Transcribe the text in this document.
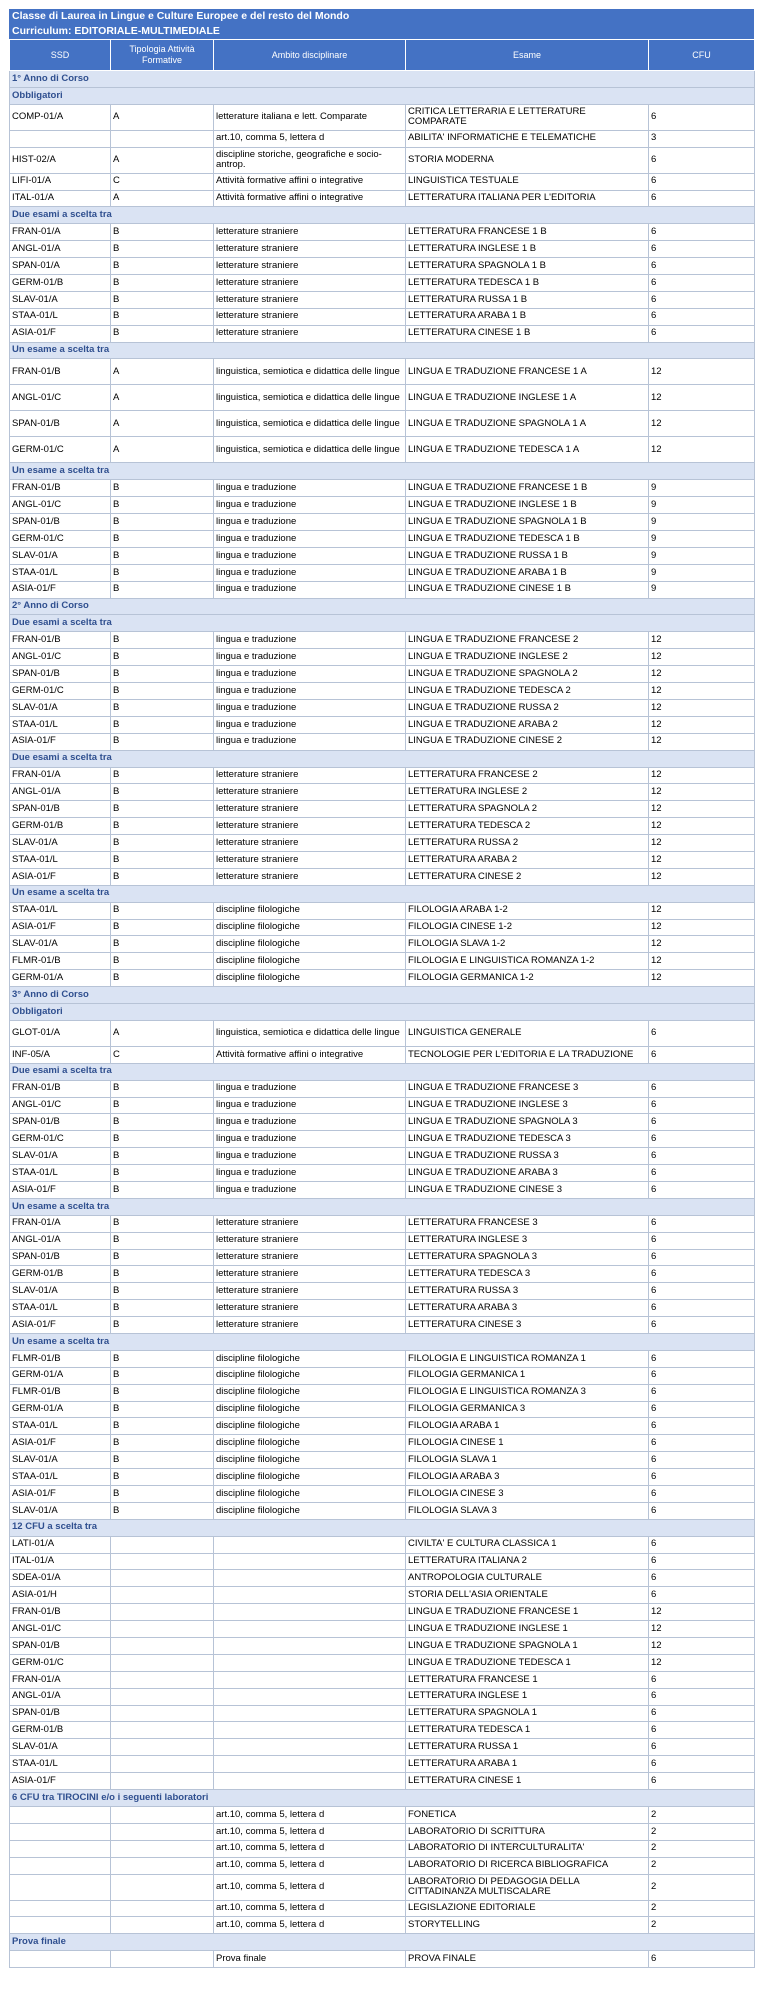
Classe di Laurea in Lingue e Culture Europee e del resto del Mondo
Curriculum: EDITORIALE-MULTIMEDIALE
SSD	Tipologia Attività Formative	Ambito disciplinare	Esame	CFU
1° Anno di Corso				
Obbligatori				
COMP-01/A	A	letterature italiana e lett. Comparate	CRITICA LETTERARIA E LETTERATURE COMPARATE	6
		art.10, comma 5, lettera d	ABILITA' INFORMATICHE E TELEMATICHE	3
HIST-02/A	A	discipline storiche, geografiche e socio-antrop.	STORIA MODERNA	6
LIFI-01/A	C	Attività formative affini o integrative	LINGUISTICA TESTUALE	6
ITAL-01/A	A	Attività formative affini o integrative	LETTERATURA ITALIANA PER L'EDITORIA	6
Due esami a scelta tra				
FRAN-01/A	B	letterature straniere	LETTERATURA FRANCESE 1 B	6
ANGL-01/A	B	letterature straniere	LETTERATURA INGLESE 1 B	6
SPAN-01/A	B	letterature straniere	LETTERATURA SPAGNOLA 1 B	6
GERM-01/B	B	letterature straniere	LETTERATURA TEDESCA 1 B	6
SLAV-01/A	B	letterature straniere	LETTERATURA RUSSA 1 B	6
STAA-01/L	B	letterature straniere	LETTERATURA ARABA 1 B	6
ASIA-01/F	B	letterature straniere	LETTERATURA CINESE 1 B	6
Un esame a scelta tra				
FRAN-01/B	A	linguistica, semiotica e didattica delle lingue	LINGUA E TRADUZIONE FRANCESE 1 A	12
ANGL-01/C	A	linguistica, semiotica e didattica delle lingue	LINGUA E TRADUZIONE INGLESE 1 A	12
SPAN-01/B	A	linguistica, semiotica e didattica delle lingue	LINGUA E TRADUZIONE SPAGNOLA 1 A	12
GERM-01/C	A	linguistica, semiotica e didattica delle lingue	LINGUA E TRADUZIONE TEDESCA 1 A	12
Un esame a scelta tra				
FRAN-01/B	B	lingua e traduzione	LINGUA E TRADUZIONE FRANCESE 1 B	9
ANGL-01/C	B	lingua e traduzione	LINGUA E TRADUZIONE INGLESE 1 B	9
SPAN-01/B	B	lingua e traduzione	LINGUA E TRADUZIONE SPAGNOLA 1 B	9
GERM-01/C	B	lingua e traduzione	LINGUA E TRADUZIONE TEDESCA 1 B	9
SLAV-01/A	B	lingua e traduzione	LINGUA E TRADUZIONE RUSSA 1 B	9
STAA-01/L	B	lingua e traduzione	LINGUA E TRADUZIONE ARABA 1 B	9
ASIA-01/F	B	lingua e traduzione	LINGUA E TRADUZIONE CINESE 1 B	9
2° Anno di Corso				
Due esami a scelta tra				
FRAN-01/B	B	lingua e traduzione	LINGUA E TRADUZIONE FRANCESE 2	12
ANGL-01/C	B	lingua e traduzione	LINGUA E TRADUZIONE INGLESE 2	12
SPAN-01/B	B	lingua e traduzione	LINGUA E TRADUZIONE SPAGNOLA 2	12
GERM-01/C	B	lingua e traduzione	LINGUA E TRADUZIONE TEDESCA 2	12
SLAV-01/A	B	lingua e traduzione	LINGUA E TRADUZIONE RUSSA 2	12
STAA-01/L	B	lingua e traduzione	LINGUA E TRADUZIONE ARABA 2	12
ASIA-01/F	B	lingua e traduzione	LINGUA E TRADUZIONE CINESE 2	12
Due esami a scelta tra				
FRAN-01/A	B	letterature straniere	LETTERATURA FRANCESE 2	12
ANGL-01/A	B	letterature straniere	LETTERATURA INGLESE 2	12
SPAN-01/B	B	letterature straniere	LETTERATURA SPAGNOLA 2	12
GERM-01/B	B	letterature straniere	LETTERATURA TEDESCA 2	12
SLAV-01/A	B	letterature straniere	LETTERATURA RUSSA 2	12
STAA-01/L	B	letterature straniere	LETTERATURA ARABA 2	12
ASIA-01/F	B	letterature straniere	LETTERATURA CINESE 2	12
Un esame a scelta tra				
STAA-01/L	B	discipline filologiche	FILOLOGIA ARABA 1-2	12
ASIA-01/F	B	discipline filologiche	FILOLOGIA CINESE 1-2	12
SLAV-01/A	B	discipline filologiche	FILOLOGIA SLAVA 1-2	12
FLMR-01/B	B	discipline filologiche	FILOLOGIA E LINGUISTICA ROMANZA 1-2	12
GERM-01/A	B	discipline filologiche	FILOLOGIA GERMANICA 1-2	12
3° Anno di Corso				
Obbligatori				
GLOT-01/A	A	linguistica, semiotica e didattica delle lingue	LINGUISTICA GENERALE	6
INF-05/A	C	Attività formative affini o integrative	TECNOLOGIE PER L'EDITORIA E LA TRADUZIONE	6
Due esami a scelta tra				
FRAN-01/B	B	lingua e traduzione	LINGUA E TRADUZIONE FRANCESE 3	6
ANGL-01/C	B	lingua e traduzione	LINGUA E TRADUZIONE INGLESE 3	6
SPAN-01/B	B	lingua e traduzione	LINGUA E TRADUZIONE SPAGNOLA 3	6
GERM-01/C	B	lingua e traduzione	LINGUA E TRADUZIONE TEDESCA 3	6
SLAV-01/A	B	lingua e traduzione	LINGUA E TRADUZIONE RUSSA 3	6
STAA-01/L	B	lingua e traduzione	LINGUA E TRADUZIONE ARABA 3	6
ASIA-01/F	B	lingua e traduzione	LINGUA E TRADUZIONE CINESE 3	6
Un esame a scelta tra				
FRAN-01/A	B	letterature straniere	LETTERATURA FRANCESE 3	6
ANGL-01/A	B	letterature straniere	LETTERATURA INGLESE 3	6
SPAN-01/B	B	letterature straniere	LETTERATURA SPAGNOLA 3	6
GERM-01/B	B	letterature straniere	LETTERATURA TEDESCA 3	6
SLAV-01/A	B	letterature straniere	LETTERATURA RUSSA 3	6
STAA-01/L	B	letterature straniere	LETTERATURA ARABA 3	6
ASIA-01/F	B	letterature straniere	LETTERATURA CINESE 3	6
Un esame a scelta tra				
FLMR-01/B	B	discipline filologiche	FILOLOGIA E LINGUISTICA ROMANZA 1	6
GERM-01/A	B	discipline filologiche	FILOLOGIA GERMANICA 1	6
FLMR-01/B	B	discipline filologiche	FILOLOGIA E LINGUISTICA ROMANZA 3	6
GERM-01/A	B	discipline filologiche	FILOLOGIA GERMANICA 3	6
STAA-01/L	B	discipline filologiche	FILOLOGIA ARABA 1	6
ASIA-01/F	B	discipline filologiche	FILOLOGIA CINESE 1	6
SLAV-01/A	B	discipline filologiche	FILOLOGIA SLAVA 1	6
STAA-01/L	B	discipline filologiche	FILOLOGIA ARABA 3	6
ASIA-01/F	B	discipline filologiche	FILOLOGIA CINESE 3	6
SLAV-01/A	B	discipline filologiche	FILOLOGIA SLAVA 3	6
12 CFU a scelta tra				
LATI-01/A			CIVILTA' E CULTURA CLASSICA 1	6
ITAL-01/A			LETTERATURA ITALIANA 2	6
SDEA-01/A			ANTROPOLOGIA CULTURALE	6
ASIA-01/H			STORIA DELL'ASIA ORIENTALE	6
FRAN-01/B			LINGUA E TRADUZIONE FRANCESE 1	12
ANGL-01/C			LINGUA E TRADUZIONE INGLESE 1	12
SPAN-01/B			LINGUA E TRADUZIONE SPAGNOLA 1	12
GERM-01/C			LINGUA E TRADUZIONE TEDESCA 1	12
FRAN-01/A			LETTERATURA FRANCESE 1	6
ANGL-01/A			LETTERATURA INGLESE 1	6
SPAN-01/B			LETTERATURA SPAGNOLA 1	6
GERM-01/B			LETTERATURA TEDESCA 1	6
SLAV-01/A			LETTERATURA RUSSA 1	6
STAA-01/L			LETTERATURA ARABA 1	6
ASIA-01/F			LETTERATURA CINESE 1	6
6 CFU tra TIROCINI e/o i seguenti laboratori				
		art.10, comma 5, lettera d	FONETICA	2
		art.10, comma 5, lettera d	LABORATORIO DI SCRITTURA	2
		art.10, comma 5, lettera d	LABORATORIO DI INTERCULTURALITA'	2
		art.10, comma 5, lettera d	LABORATORIO DI RICERCA BIBLIOGRAFICA	2
		art.10, comma 5, lettera d	LABORATORIO DI PEDAGOGIA DELLA CITTADINANZA MULTISCALARE	2
		art.10, comma 5, lettera d	LEGISLAZIONE EDITORIALE	2
		art.10, comma 5, lettera d	STORYTELLING	2
Prova finale				
		Prova finale	PROVA FINALE	6
